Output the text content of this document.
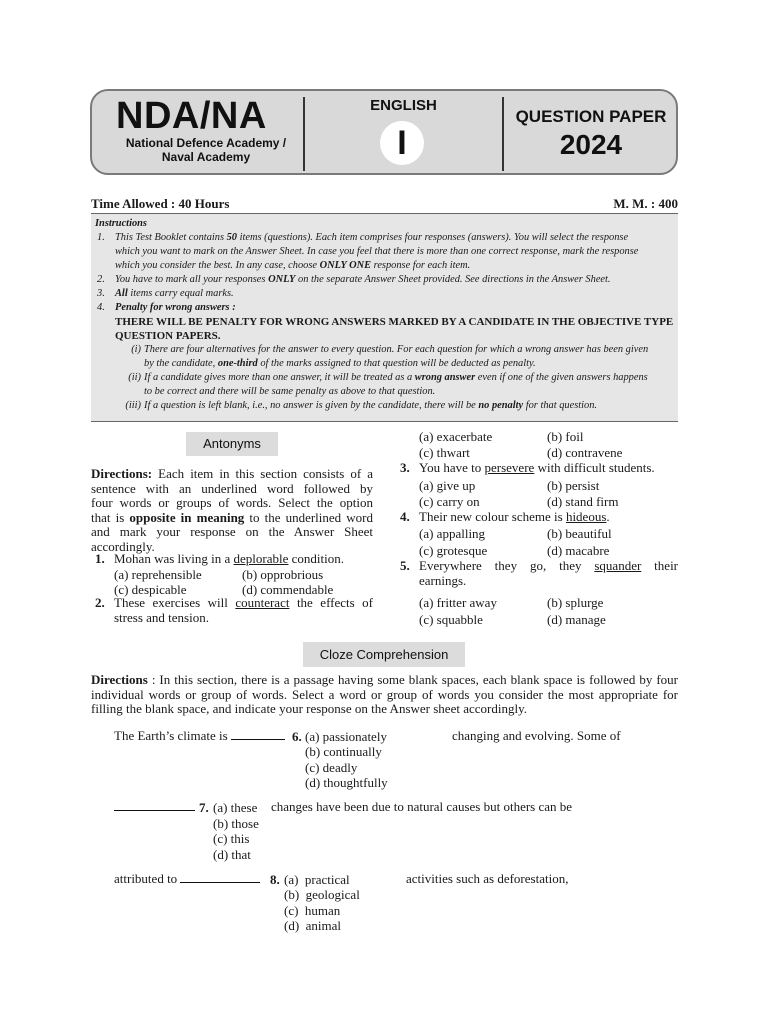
NDA/NA
National Defence Academy /
Naval Academy
ENGLISH
I
QUESTION PAPER
2024
Time Allowed : 40 Hours	M. M. : 400
Instructions
1. This Test Booklet contains 50 items (questions). Each item comprises four responses (answers). You will select the response
which you want to mark on the Answer Sheet. In case you feel that there is more than one correct response, mark the response
which you consider the best. In any case, choose ONLY ONE response for each item.
2. You have to mark all your responses ONLY on the separate Answer Sheet provided. See directions in the Answer Sheet.
3. All items carry equal marks.
4. Penalty for wrong answers :
THERE WILL BE PENALTY FOR WRONG ANSWERS MARKED BY A CANDIDATE IN THE OBJECTIVE TYPE
QUESTION PAPERS.
(i) There are four alternatives for the answer to every question. For each question for which a wrong answer has been given
by the candidate, one-third of the marks assigned to that question will be deducted as penalty.
(ii) If a candidate gives more than one answer, it will be treated as a wrong answer even if one of the given answers happens
to be correct and there will be same penalty as above to that question.
(iii) If a question is left blank, i.e., no answer is given by the candidate, there will be no penalty for that question.
Antonyms
Directions: Each item in this section consists of a
sentence with an underlined word followed by
four words or groups of words. Select the option
that is opposite in meaning to the underlined word
and mark your response on the Answer Sheet
accordingly.
1. Mohan was living in a deplorable condition.
(a) reprehensible	(b) opprobrious
(c) despicable	(d) commendable
2. These exercises will counteract the effects of
stress and tension.
(a) exacerbate	(b) foil
(c) thwart	(d) contravene
3. You have to persevere with difficult students.
(a) give up	(b) persist
(c) carry on	(d) stand firm
4. Their new colour scheme is hideous.
(a) appalling	(b) beautiful
(c) grotesque	(d) macabre
5. Everywhere they go, they squander their
earnings.
(a) fritter away	(b) splurge
(c) squabble	(d) manage
Cloze Comprehension
Directions : In this section, there is a passage having some blank spaces, each blank space is followed by four
individual words or group of words. Select a word or group of words you consider the most appropriate for
filling the blank space, and indicate your response on the Answer sheet accordingly.
The Earth’s climate is	6. (a) passionately
(b) continually
(c) deadly
(d) thoughtfully
changing and evolving. Some of
7. (a) these
(b) those
(c) this
(d) that
changes have been due to natural causes but others can be
attributed to	8. (a)  practical
(b)  geological
(c)  human
(d)  animal
activities such as deforestation,
